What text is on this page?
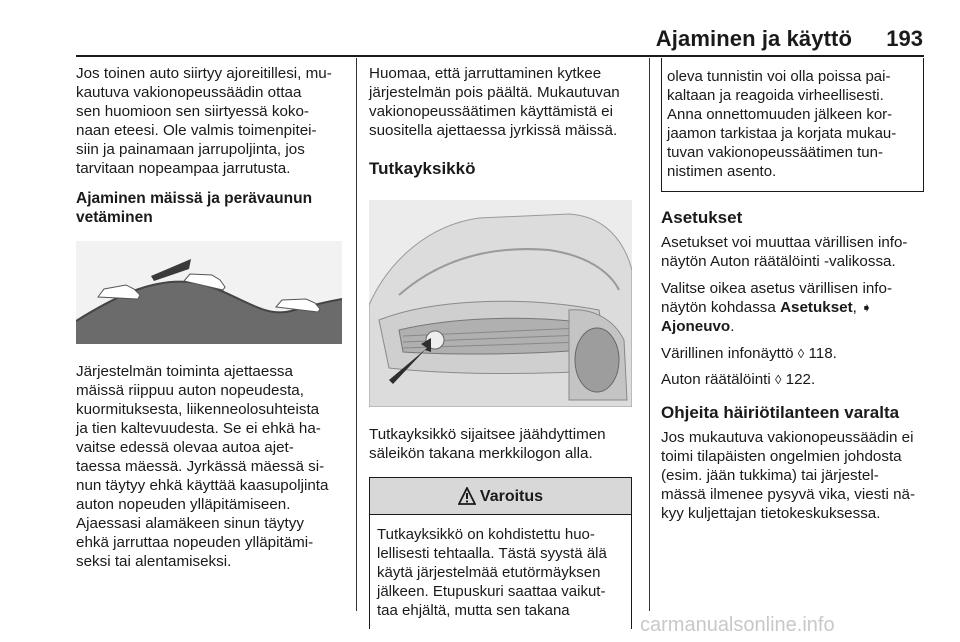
Ajaminen ja käyttö 193

Jos toinen auto siirtyy ajoreitillesi, mu-
kautuva vakionopeussäädin ottaa
sen huomioon sen siirtyessä koko-
naan eteesi. Ole valmis toimenpitei-
siin ja painamaan jarrupoljinta, jos
tarvitaan nopeampaa jarrutusta.

Ajaminen mäissä ja perävaunun
vetäminen

Järjestelmän toiminta ajettaessa
mäissä riippuu auton nopeudesta,
kuormituksesta, liikenneolosuhteista
ja tien kaltevuudesta. Se ei ehkä ha-
vaitse edessä olevaa autoa ajet-
taessa mäessä. Jyrkässä mäessä si-
nun täytyy ehkä käyttää kaasupoljinta
auton nopeuden ylläpitämiseen.
Ajaessasi alamäkeen sinun täytyy
ehkä jarruttaa nopeuden ylläpitämi-
seksi tai alentamiseksi.

Huomaa, että jarruttaminen kytkee
järjestelmän pois päältä. Mukautuvan
vakionopeussäätimen käyttämistä ei
suositella ajettaessa jyrkissä mäissä.

Tutkayksikkö

Tutkayksikkö sijaitsee jäähdyttimen
säleikön takana merkkilogon alla.

Varoitus
Tutkayksikkö on kohdistettu huo-
lellisesti tehtaalla. Tästä syystä älä
käytä järjestelmää etutörmäyksen
jälkeen. Etupuskuri saattaa vaikut-
taa ehjältä, mutta sen takana
oleva tunnistin voi olla poissa pai-
kaltaan ja reagoida virheellisesti.
Anna onnettomuuden jälkeen kor-
jaamon tarkistaa ja korjata mukau-
tuvan vakionopeussäätimen tun-
nistimen asento.
Asetukset

Asetukset voi muuttaa värillisen info-
näytön Auton räätälöinti -valikossa.

Valitse oikea asetus värillisen info-
näytön kohdassa Asetukset, ➧
Ajoneuvo.

Värillinen infonäyttö ◊ 118.

Auton räätälöinti ◊ 122.

Ohjeita häiriötilanteen varalta

Jos mukautuva vakionopeussäädin ei
toimi tilapäisten ongelmien johdosta
(esim. jään tukkima) tai järjestel-
mässä ilmenee pysyvä vika, viesti nä-
kyy kuljettajan tietokeskuksessa.

carmanualsonline.info
